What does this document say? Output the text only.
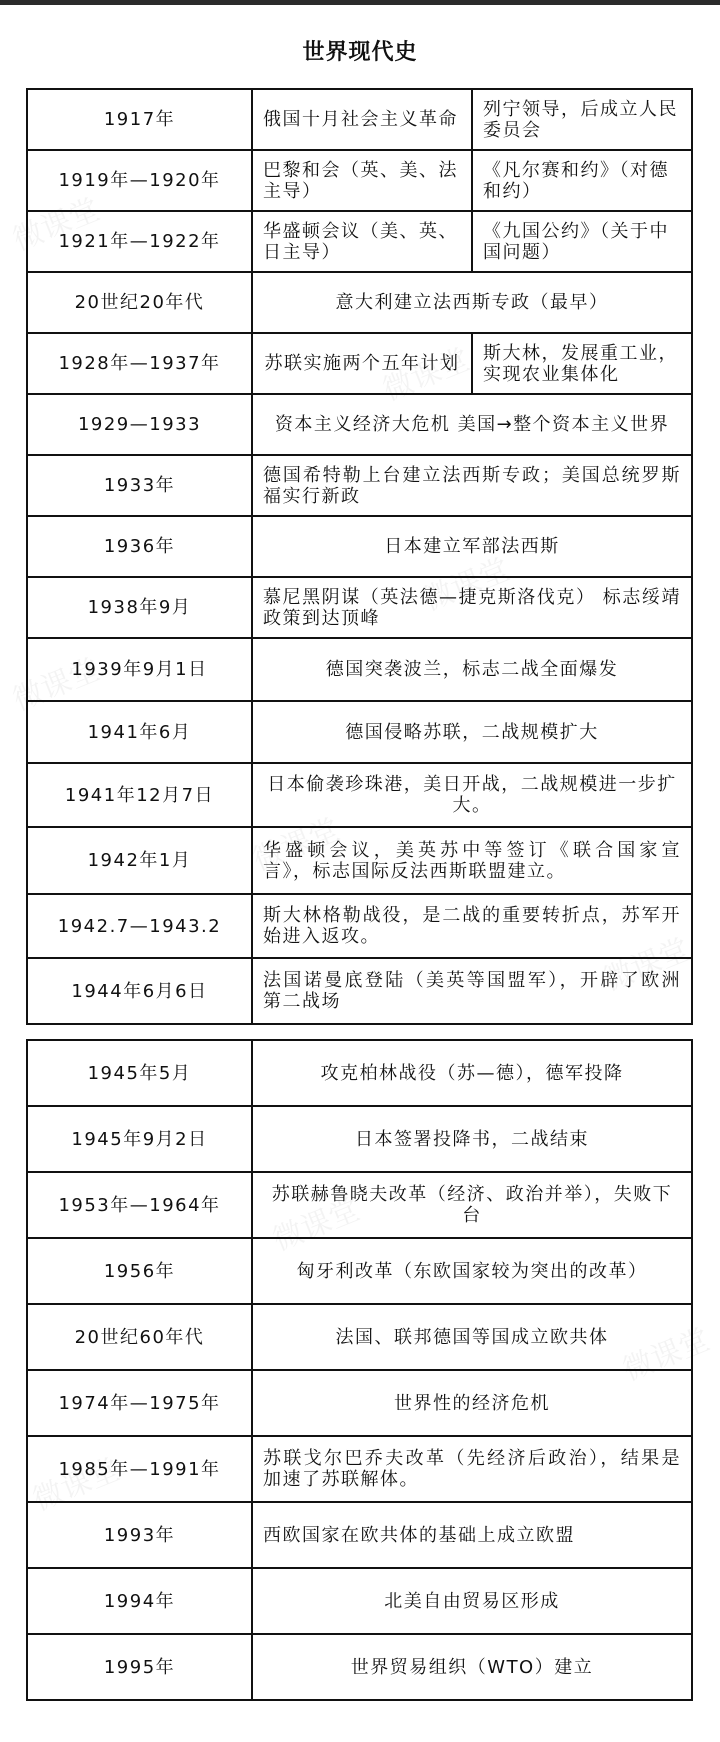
世界现代史
1917年	俄国十月社会主义革命	列宁领导，后成立人民委员会
1919年—1920年	巴黎和会（英、美、法主导）	《凡尔赛和约》（对德和约）
1921年—1922年	华盛顿会议（美、英、日主导）	《九国公约》（关于中国问题）
20世纪20年代	意大利建立法西斯专政（最早）	
1928年—1937年	苏联实施两个五年计划	斯大林，发展重工业，实现农业集体化
1929—1933	资本主义经济大危机 美国→整个资本主义世界	
1933年	德国希特勒上台建立法西斯专政；美国总统罗斯福实行新政	
1936年	日本建立军部法西斯	
1938年9月	慕尼黑阴谋（英法德—捷克斯洛伐克） 标志绥靖政策到达顶峰	
1939年9月1日	德国突袭波兰，标志二战全面爆发	
1941年6月	德国侵略苏联，二战规模扩大	
1941年12月7日	日本偷袭珍珠港，美日开战，二战规模进一步扩大。	
1942年1月	华盛顿会议，美英苏中等签订《联合国家宣言》，标志国际反法西斯联盟建立。	
1942.7—1943.2	斯大林格勒战役，是二战的重要转折点，苏军开始进入返攻。	
1944年6月6日	法国诺曼底登陆（美英等国盟军），开辟了欧洲第二战场	
1945年5月	攻克柏林战役（苏—德），德军投降
1945年9月2日	日本签署投降书，二战结束
1953年—1964年	苏联赫鲁晓夫改革（经济、政治并举），失败下台
1956年	匈牙利改革（东欧国家较为突出的改革）
20世纪60年代	法国、联邦德国等国成立欧共体
1974年—1975年	世界性的经济危机
1985年—1991年	苏联戈尔巴乔夫改革（先经济后政治），结果是加速了苏联解体。
1993年	西欧国家在欧共体的基础上成立欧盟
1994年	北美自由贸易区形成
1995年	世界贸易组织（WTO）建立
